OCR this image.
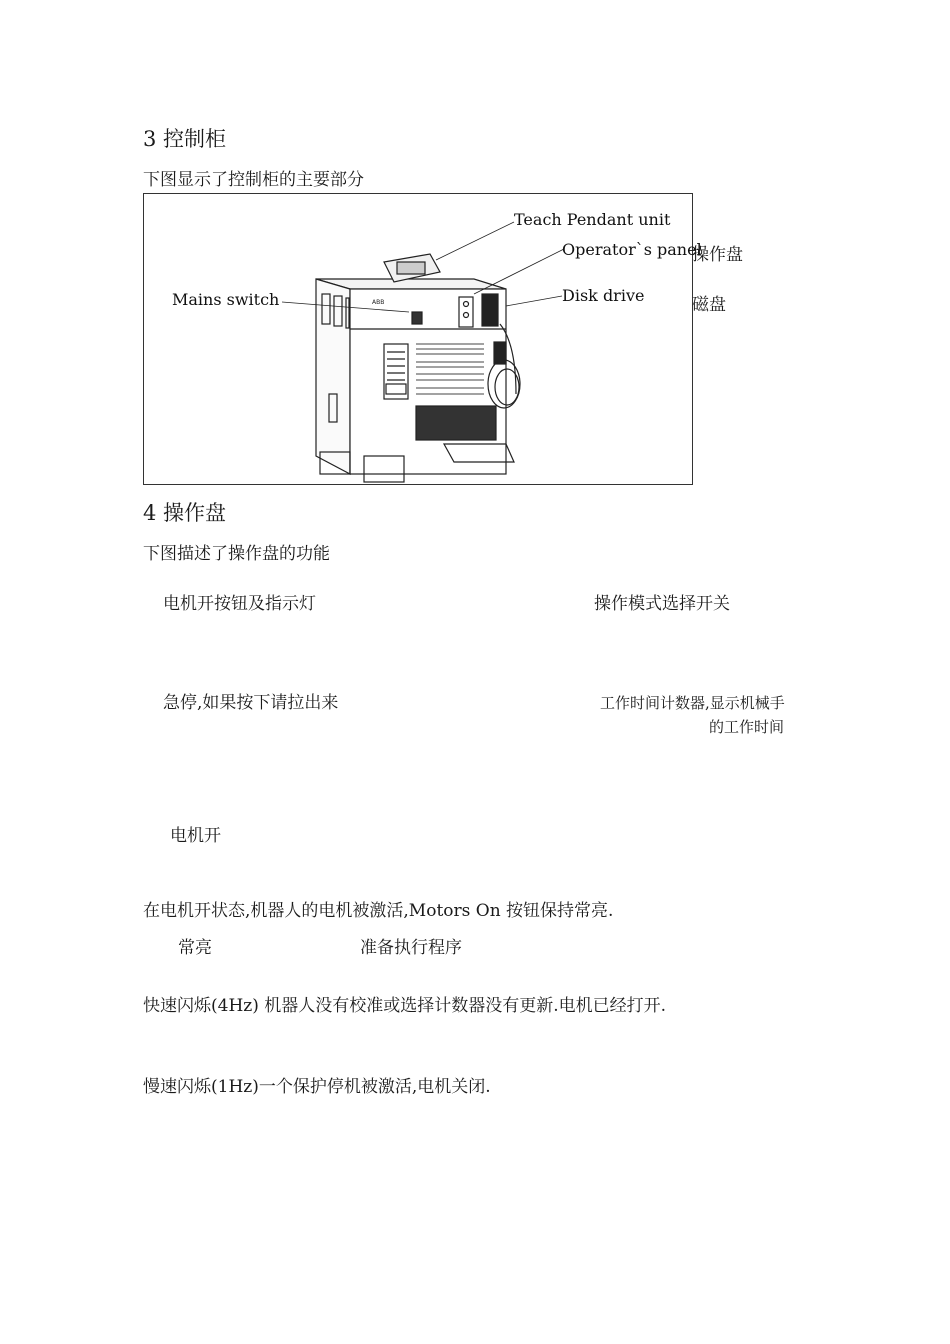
3 控制柜
下图显示了控制柜的主要部分
ABB
Teach Pendant unit
Operator`s panel
Disk drive
Mains switch
操作盘
磁盘
4 操作盘
下图描述了操作盘的功能
电机开按钮及指示灯	操作模式选择开关
急停,如果按下请拉出来	工作时间计数器,显示机械手
的工作时间
电机开
在电机开状态,机器人的电机被激活,Motors On 按钮保持常亮.
常亮	准备执行程序
快速闪烁(4Hz) 机器人没有校准或选择计数器没有更新.电机已经打开.
慢速闪烁(1Hz)一个保护停机被激活,电机关闭.
